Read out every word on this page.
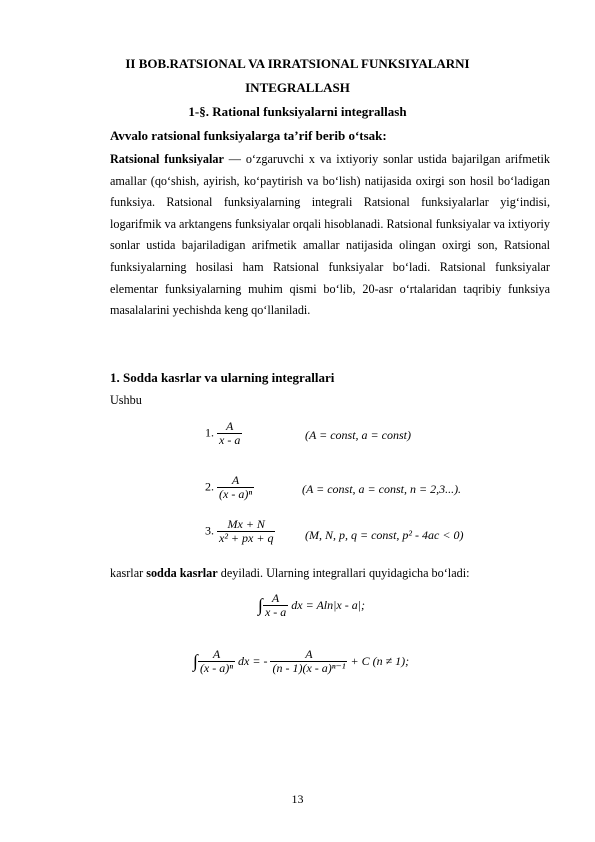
II BOB.RATSIONAL VA IRRATSIONAL FUNKSIYALARNI
INTEGRALLASH
1-§. Rational funksiyalarni integrallash
Avvalo ratsional funksiyalarga ta’rif berib o‘tsak:
Ratsional funksiyalar — o‘zgaruvchi x va ixtiyoriy sonlar ustida bajarilgan arifmetik amallar (qo‘shish, ayirish, ko‘paytirish va bo‘lish) natijasida oxirgi son hosil bo‘ladigan funksiya. Ratsional funksiyalarning integrali Ratsional funksiyalarlar yig‘indisi, logarifmik va arktangens funksiyalar orqali hisoblanadi. Ratsional funksiyalar va ixtiyoriy sonlar ustida bajariladigan arifmetik amallar natijasida olingan oxirgi son, Ratsional funksiyalarning hosilasi ham Ratsional funksiyalar bo‘ladi. Ratsional funksiyalar elementar funksiyalarning muhim qismi bo‘lib, 20-asr o‘rtalaridan taqribiy funksiya masalalarini yechishda keng qo‘llaniladi.
1. Sodda kasrlar va ularning integrallari
Ushbu
1. $\frac{A}{x - a}$	(A = const, a = const)
2. $\frac{A}{\text{(x - a)ⁿ}}$	(A = const, a = const, n = 2,3...).
3. $\frac{Mx + N}{\text{x² + px + q}} (M$, N, p, q = const, p² - 4ac < 0)
kasrlar sodda kasrlar deyiladi. Ularning integrallari quyidagicha bo‘ladi:
∫ $\frac{A}{x - a}$ dx = Aln|x - a|;
∫ $\frac{A}{\text{(x - a)ⁿ}}$ dx = - $\frac{A}{\text{(n - 1)(x - a)ⁿ⁻¹}} + C$ (n ≠ 1);
13
